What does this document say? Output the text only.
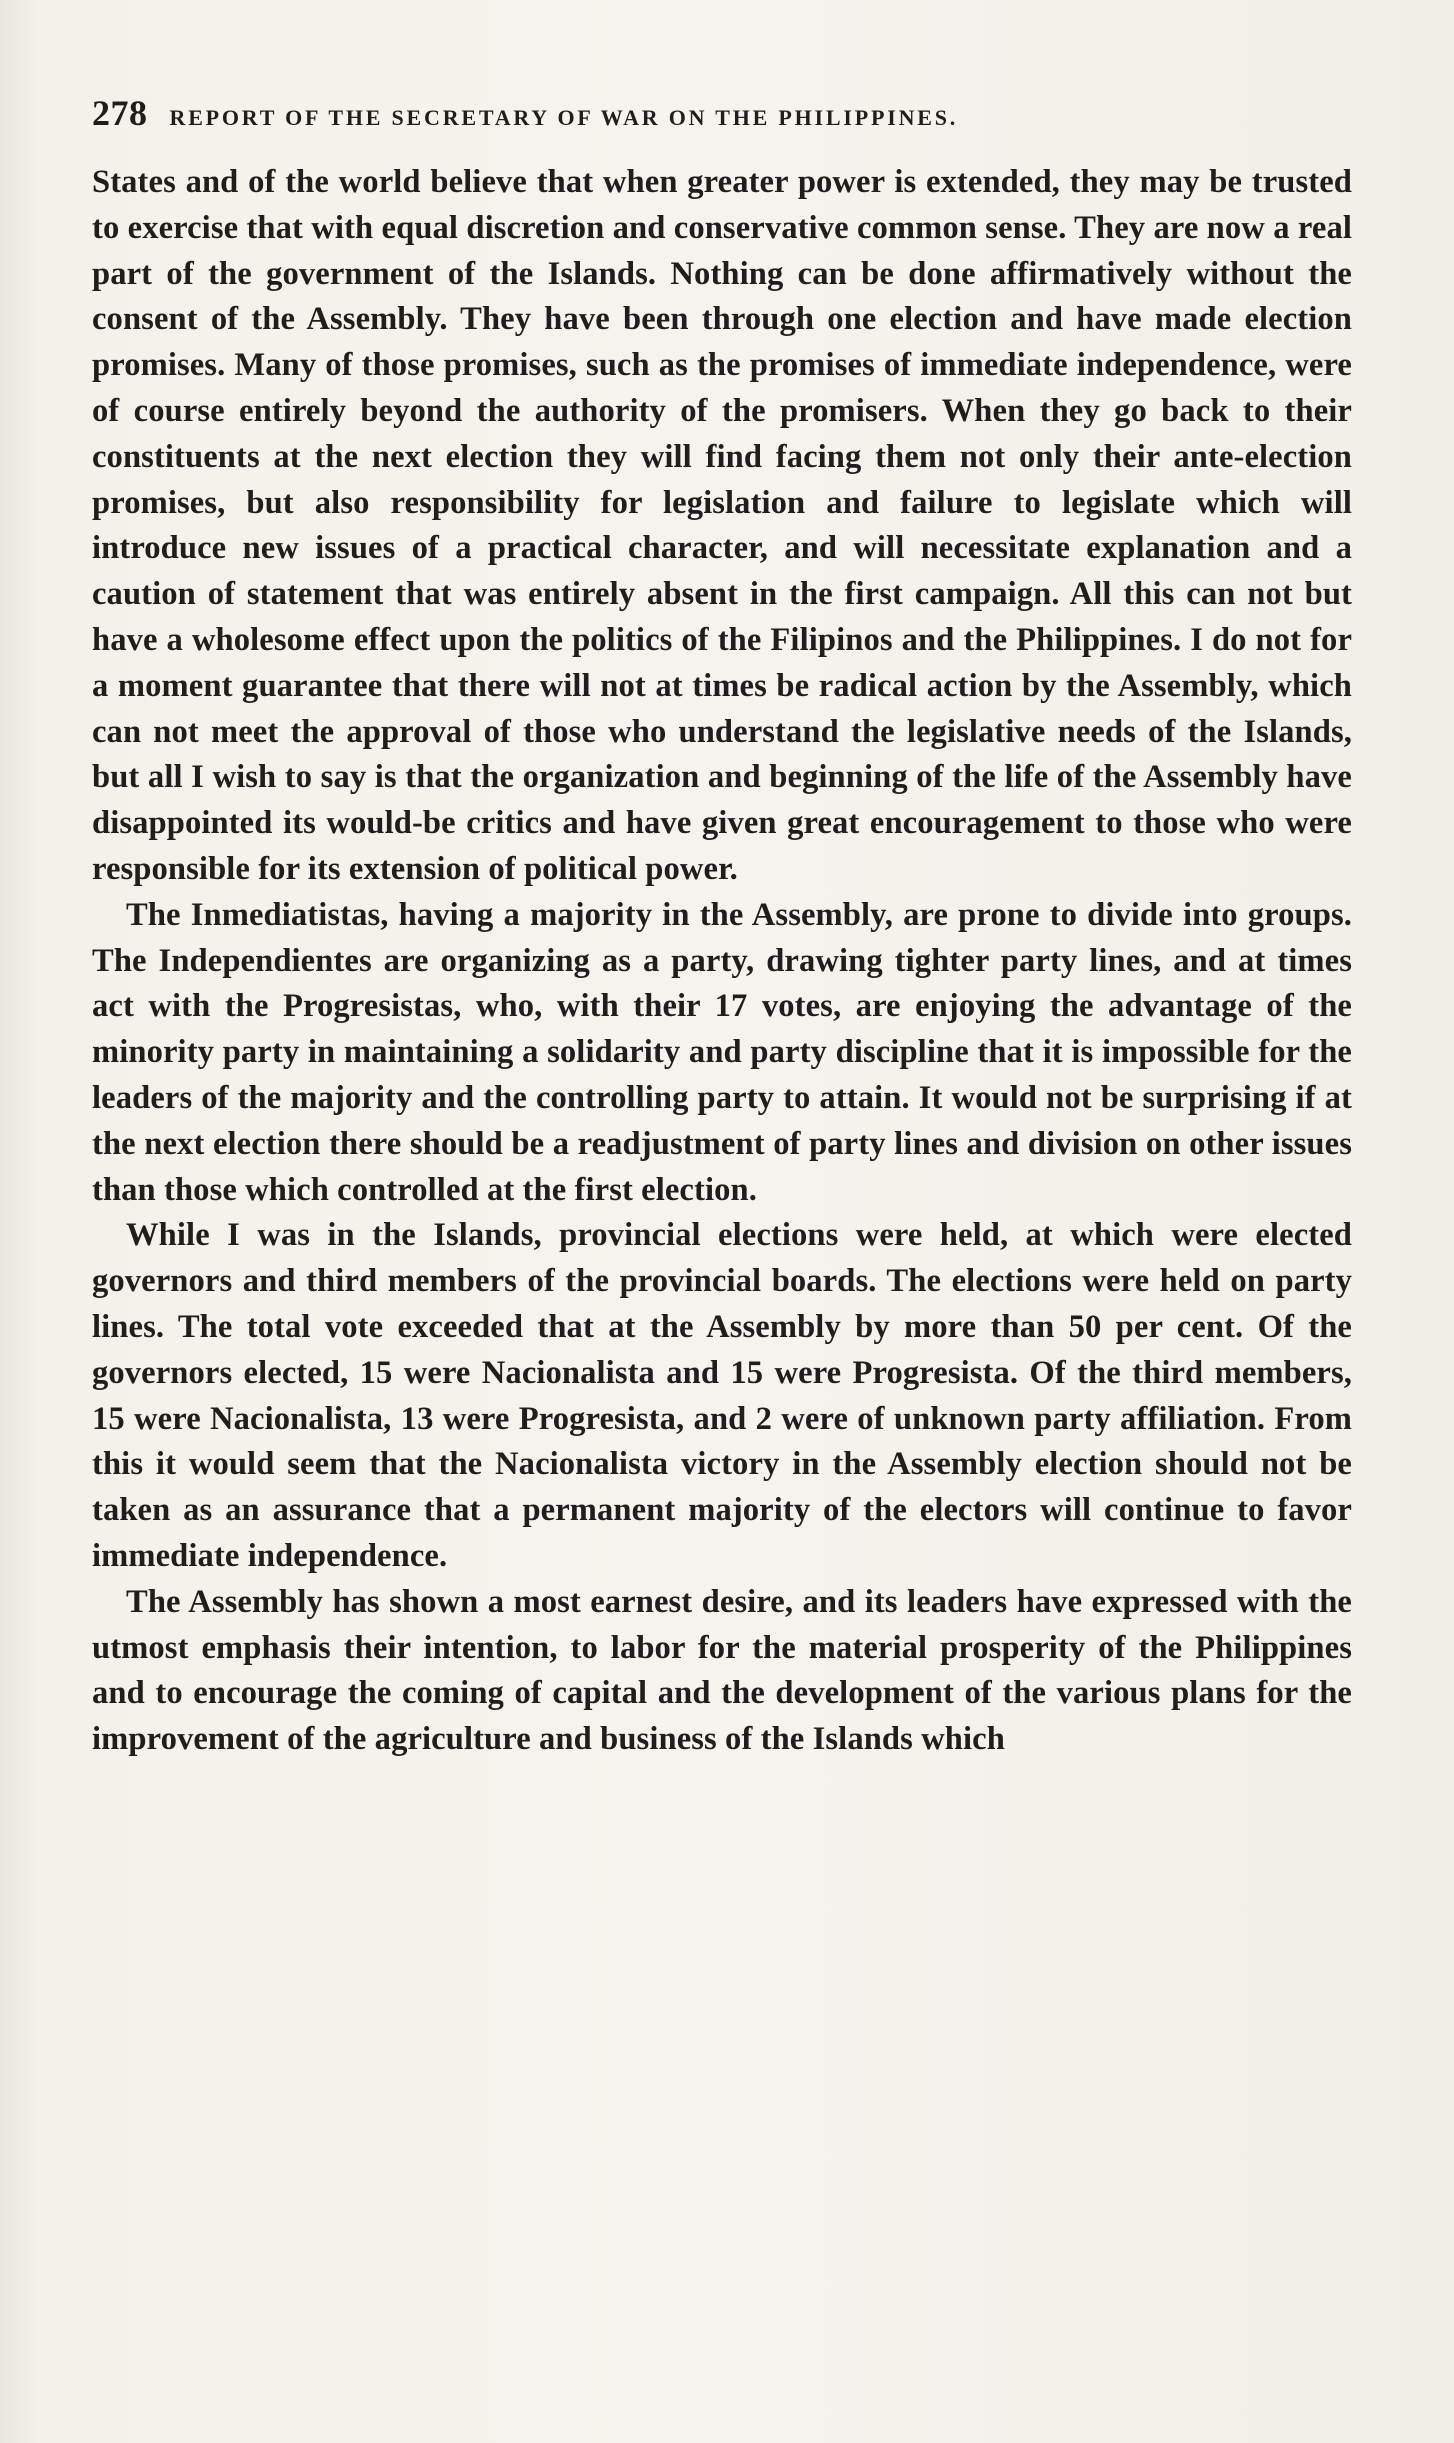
278 REPORT OF THE SECRETARY OF WAR ON THE PHILIPPINES.

States and of the world believe that when greater power is extended, they may be trusted to exercise that with equal discretion and conservative common sense. They are now a real part of the government of the Islands. Nothing can be done affirmatively without the consent of the Assembly. They have been through one election and have made election promises. Many of those promises, such as the promises of immediate independence, were of course entirely beyond the authority of the promisers. When they go back to their constituents at the next election they will find facing them not only their ante-election promises, but also responsibility for legislation and failure to legislate which will introduce new issues of a practical character, and will necessitate explanation and a caution of statement that was entirely absent in the first campaign. All this can not but have a wholesome effect upon the politics of the Filipinos and the Philippines. I do not for a moment guarantee that there will not at times be radical action by the Assembly, which can not meet the approval of those who understand the legislative needs of the Islands, but all I wish to say is that the organization and beginning of the life of the Assembly have disappointed its would-be critics and have given great encouragement to those who were responsible for its extension of political power.

The Inmediatistas, having a majority in the Assembly, are prone to divide into groups. The Independientes are organizing as a party, drawing tighter party lines, and at times act with the Progresistas, who, with their 17 votes, are enjoying the advantage of the minority party in maintaining a solidarity and party discipline that it is impossible for the leaders of the majority and the controlling party to attain. It would not be surprising if at the next election there should be a readjustment of party lines and division on other issues than those which controlled at the first election.

While I was in the Islands, provincial elections were held, at which were elected governors and third members of the provincial boards. The elections were held on party lines. The total vote exceeded that at the Assembly by more than 50 per cent. Of the governors elected, 15 were Nacionalista and 15 were Progresista. Of the third members, 15 were Nacionalista, 13 were Progresista, and 2 were of unknown party affiliation. From this it would seem that the Nacionalista victory in the Assembly election should not be taken as an assurance that a permanent majority of the electors will continue to favor immediate independence.

The Assembly has shown a most earnest desire, and its leaders have expressed with the utmost emphasis their intention, to labor for the material prosperity of the Philippines and to encourage the coming of capital and the development of the various plans for the improvement of the agriculture and business of the Islands which
